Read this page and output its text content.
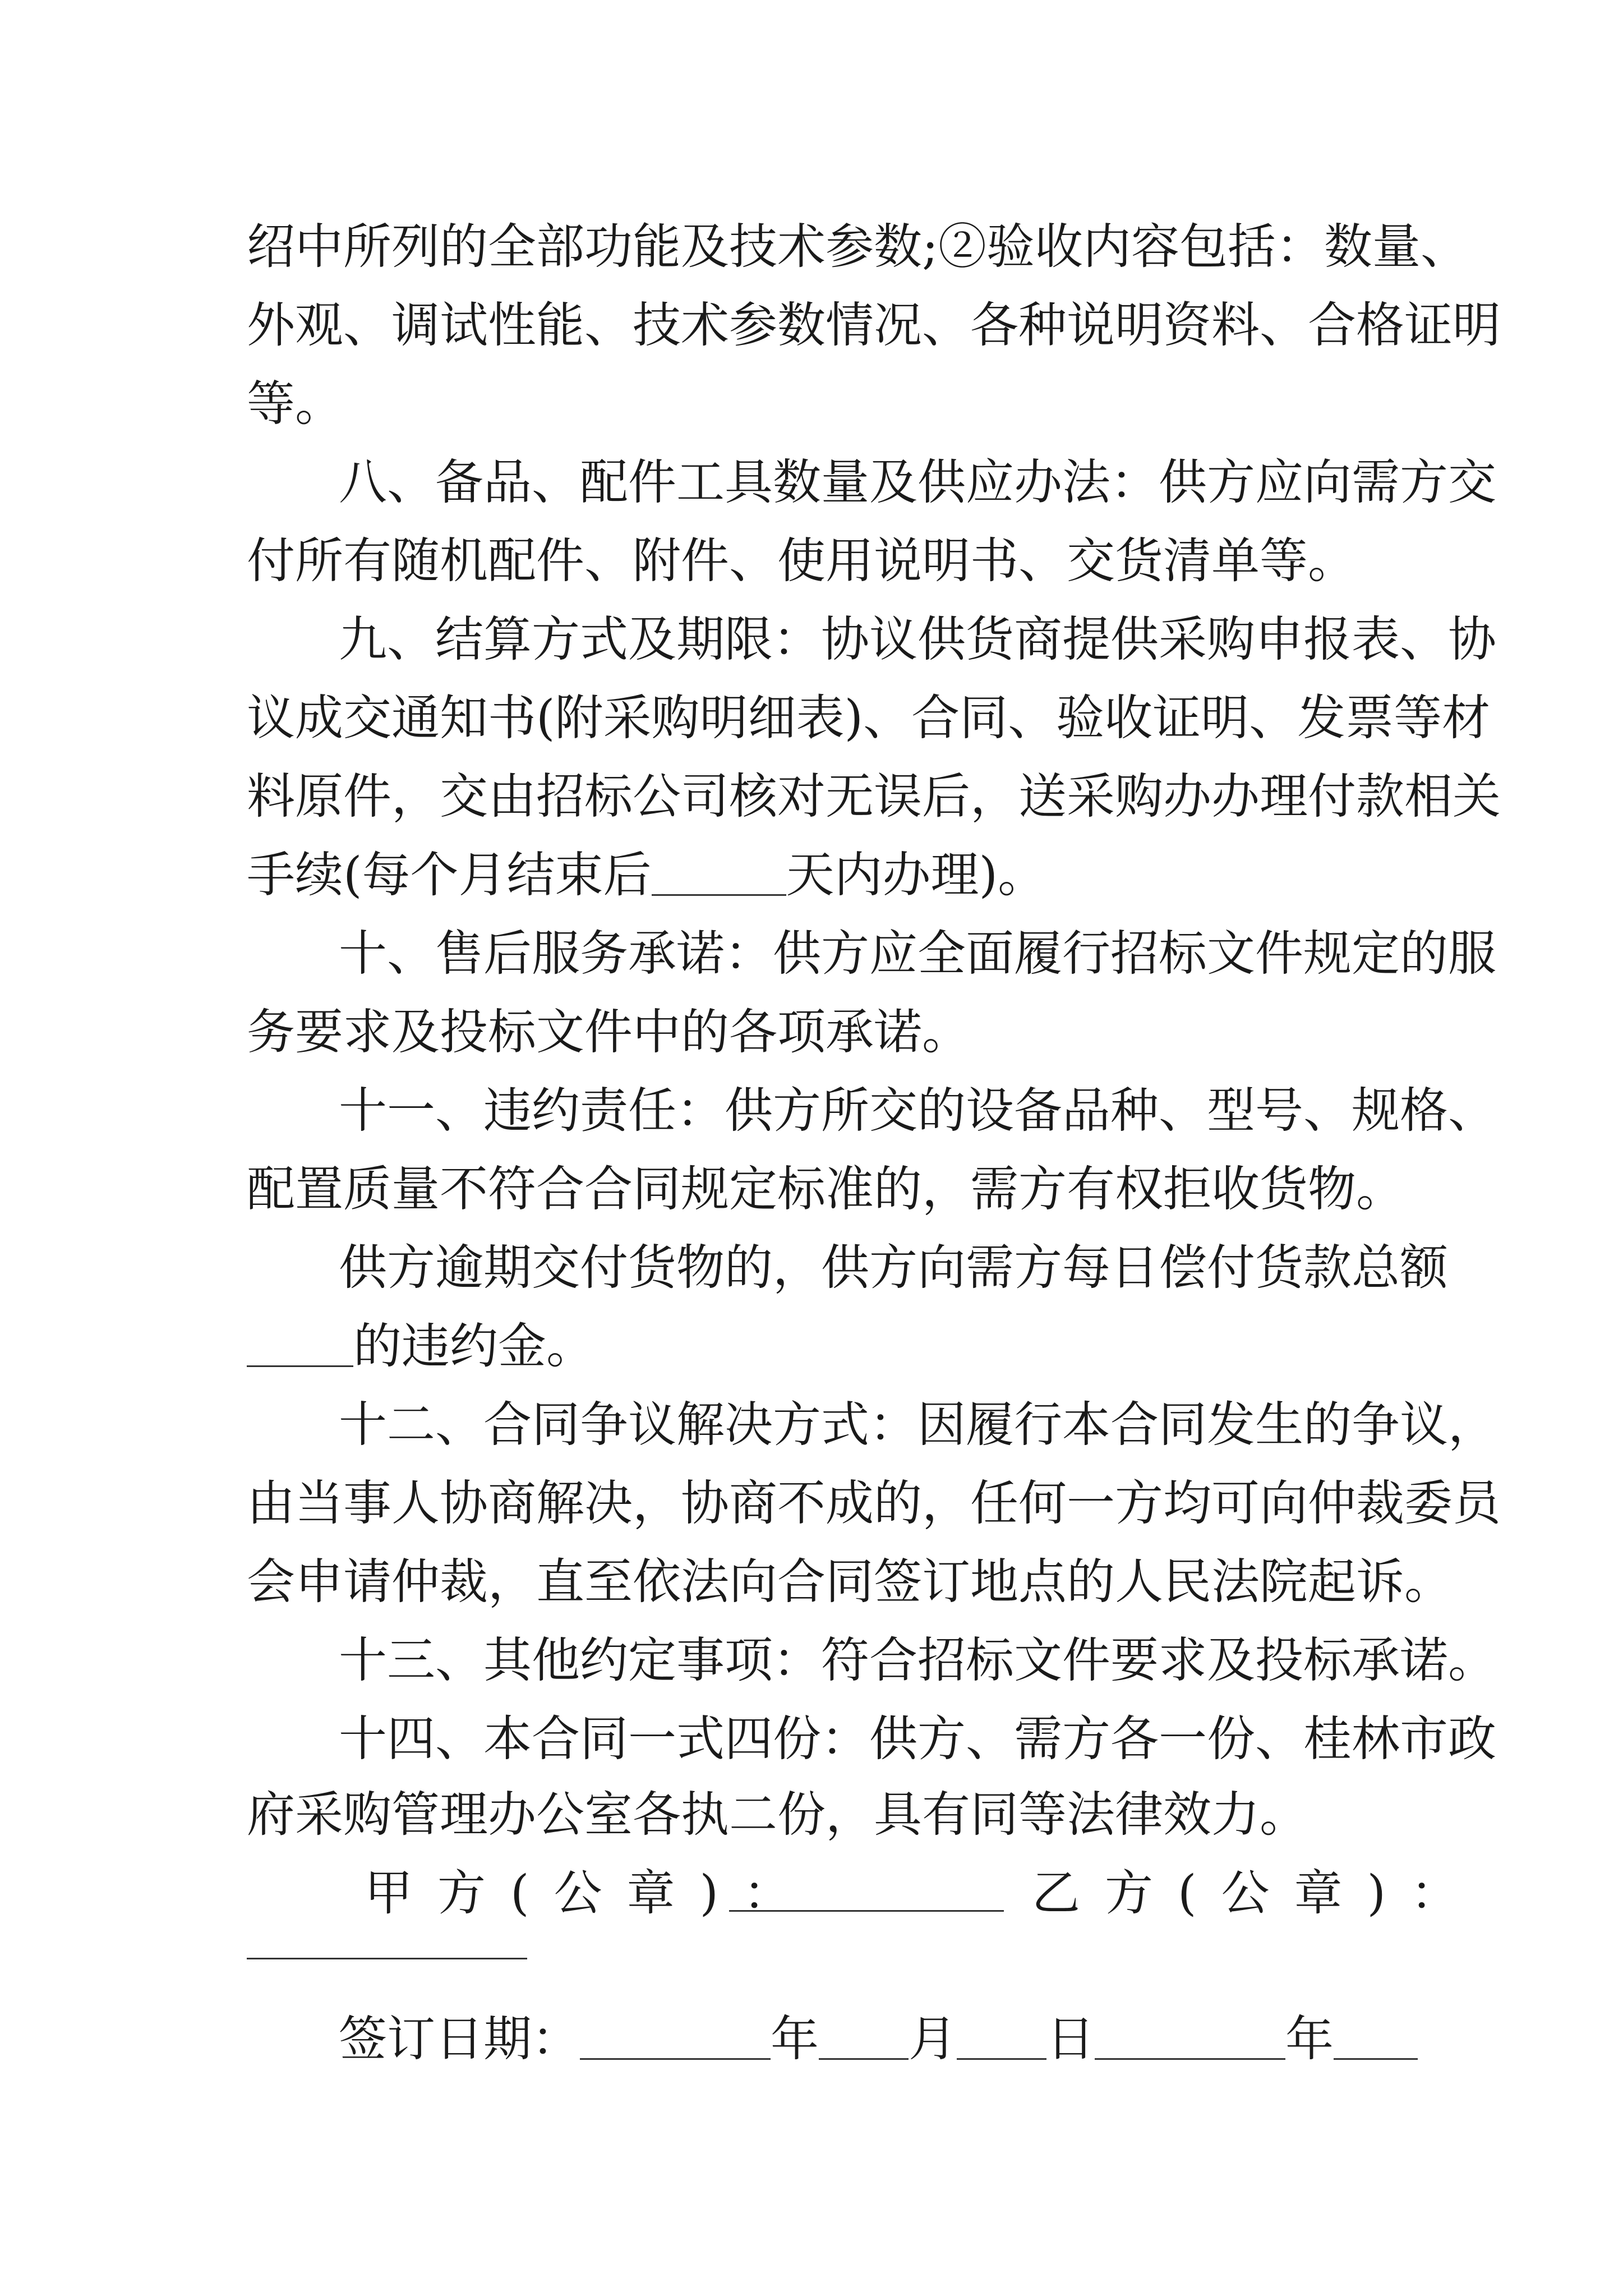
绍中所列的全部功能及技术参数;②验收内容包括：数量、
外观、调试性能、技术参数情况、各种说明资料、合格证明
等。
八、备品、配件工具数量及供应办法：供方应向需方交
付所有随机配件、附件、使用说明书、交货清单等。
九、结算方式及期限：协议供货商提供采购申报表、协
议成交通知书(附采购明细表)、合同、验收证明、发票等材
料原件，交由招标公司核对无误后，送采购办办理付款相关
手续(每个月结束后	天内办理)。
十、售后服务承诺：供方应全面履行招标文件规定的服
务要求及投标文件中的各项承诺。
十一、违约责任：供方所交的设备品种、型号、规格、
配置质量不符合合同规定标准的，需方有权拒收货物。
供方逾期交付货物的，供方向需方每日偿付货款总额
的违约金。
十二、合同争议解决方式：因履行本合同发生的争议，
由当事人协商解决，协商不成的，任何一方均可向仲裁委员
会申请仲裁，直至依法向合同签订地点的人民法院起诉。
十三、其他约定事项：符合招标文件要求及投标承诺。
十四、本合同一式四份：供方、需方各一份、桂林市政
府采购管理办公室各执二份，具有同等法律效力。
甲方(公章)：	乙方(公章)：
签订日期：	年 月 日	年
